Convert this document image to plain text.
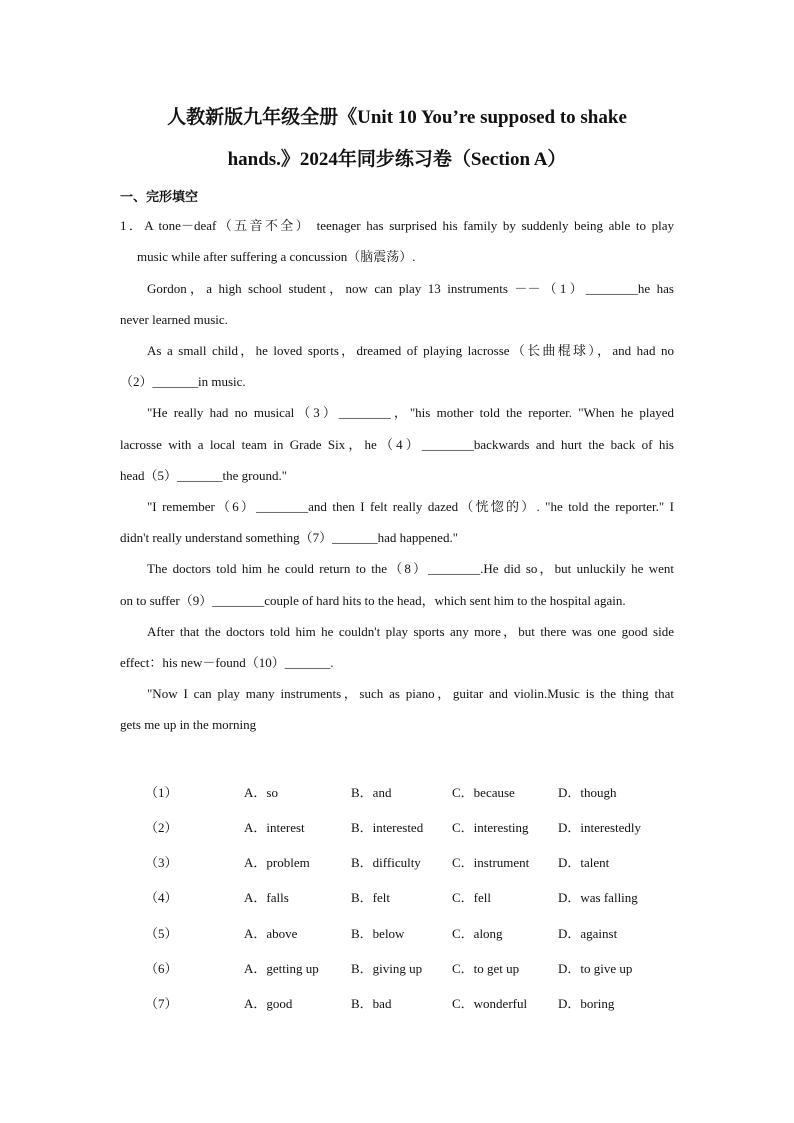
人教新版九年级全册《Unit 10 You’re supposed to shake
hands.》2024年同步练习卷（Section A）
一、完形填空
1．A tone－deaf（五音不全） teenager has surprised his family by suddenly being able to play
music while after suffering a concussion（脑震荡）.
Gordon，a high school student，now can play 13 instruments －－（1）________he has
never learned music.
As a small child，he loved sports，dreamed of playing lacrosse（长曲棍球），and had no
（2）_______in music.
"He really had no musical（3）________，"his mother told the reporter. "When he played
lacrosse with a local team in Grade Six，he（4）________backwards and hurt the back of his
head（5）_______the ground."
"I remember（6）________and then I felt really dazed（恍惚的）. "he told the reporter." I
didn't really understand something（7）_______had happened."
The doctors told him he could return to the（8）________.He did so，but unluckily he went
on to suffer（9）________couple of hard hits to the head，which sent him to the hospital again.
After that the doctors told him he couldn't play sports any more，but there was one good side
effect：his new－found（10）_______.
"Now I can play many instruments，such as piano，guitar and violin.Music is the thing that
gets me up in the morning
（1）	A．so	B．and	C．because	D．though
（2）	A．interest	B．interested C．interesting D．interestedly
（3）	A．problem	B．difficulty C．instrument D．talent
（4）	A．falls	B．felt	C．fell	D．was falling
（5）	A．above	B．below	C．along	D．against
（6）	A．getting up B．giving up C．to get up	D．to give up
（7）	A．good	B．bad	C．wonderful D．boring
